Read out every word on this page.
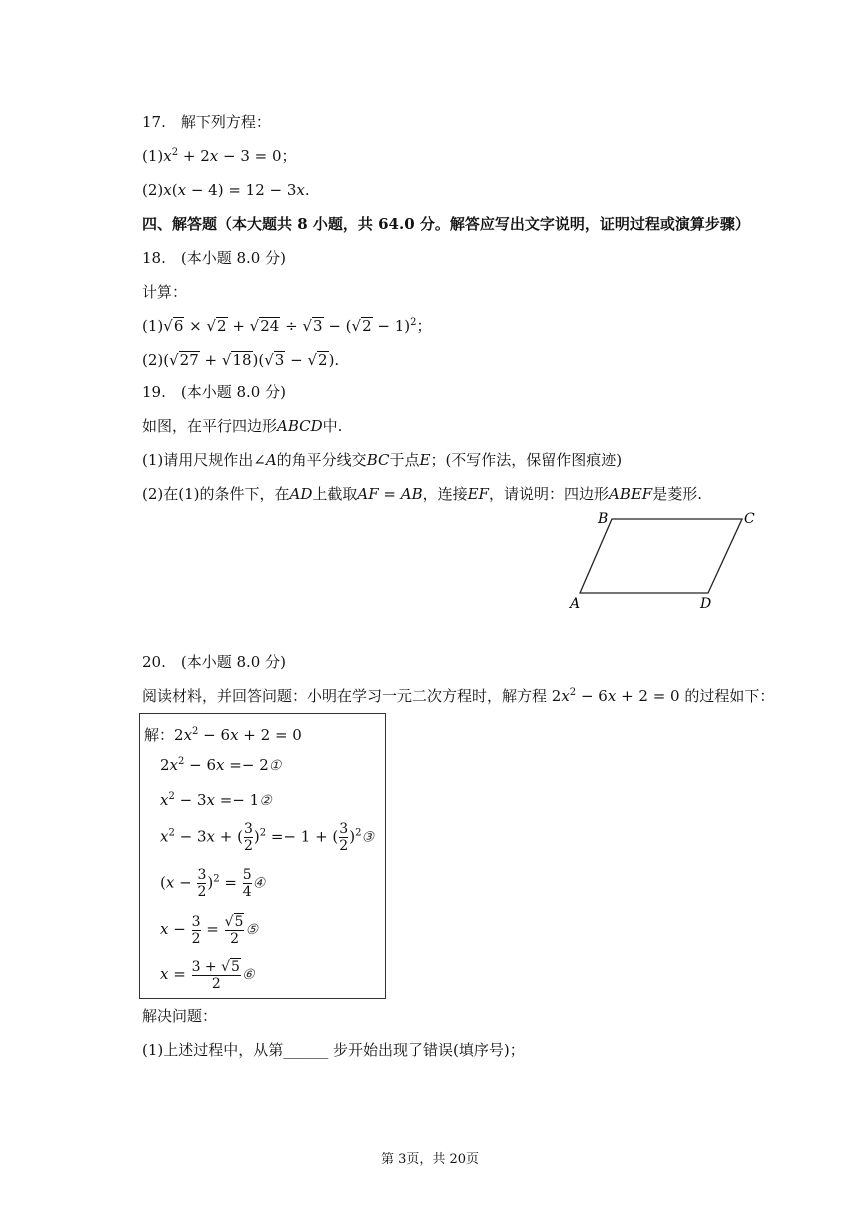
17.　解下列方程：
$(1)x^2 + 2x - 3 = 0$；
(2)x(x − 4) = 12 − 3x.
四、解答题（本大题共 8 小题，共 64.0 分。解答应写出文字说明，证明过程或演算步骤）
18.　(本小题 8.0 分)
计算：
$(1)√6 \times √2 + √24 \div √3 - (√2 - 1)^2$；
(2)(√27 + √18)(√3 − √2).
19.　(本小题 8.0 分)
如图，在平行四边形ABCD中.
(1)请用尺规作出∠A的角平分线交BC于点E；(不写作法，保留作图痕迹)
(2)在(1)的条件下，在AD上截取AF = AB，连接EF，请说明：四边形ABEF是菱形.
B	C
A	D
20.　(本小题 8.0 分)
阅读材料，并回答问题：小明在学习一元二次方程时，解方程 $2x^2 - 6x + 2 = 0$ 的过程如下：
解：$2x^2 - 6x + 2 = 0$
$2x^2 - 6x$ =− 2①
$x^2 - 3x$ =− 1②
$x^2 - 3x$ + ( $\frac{3}{2} )^2 =- 1$ + ( $\frac{3}{2}$ )$^2$③
$(x - \frac{3}{2} )^2 = \frac{5}{4}$ ④
$x - \frac{3}{2} = \frac{√5}{2}$ ⑤
$x = \frac{3 + √5}{2}$ ⑥
解决问题：
(1)上述过程中，从第______ 步开始出现了错误(填序号)；
第 3页，共 20页
